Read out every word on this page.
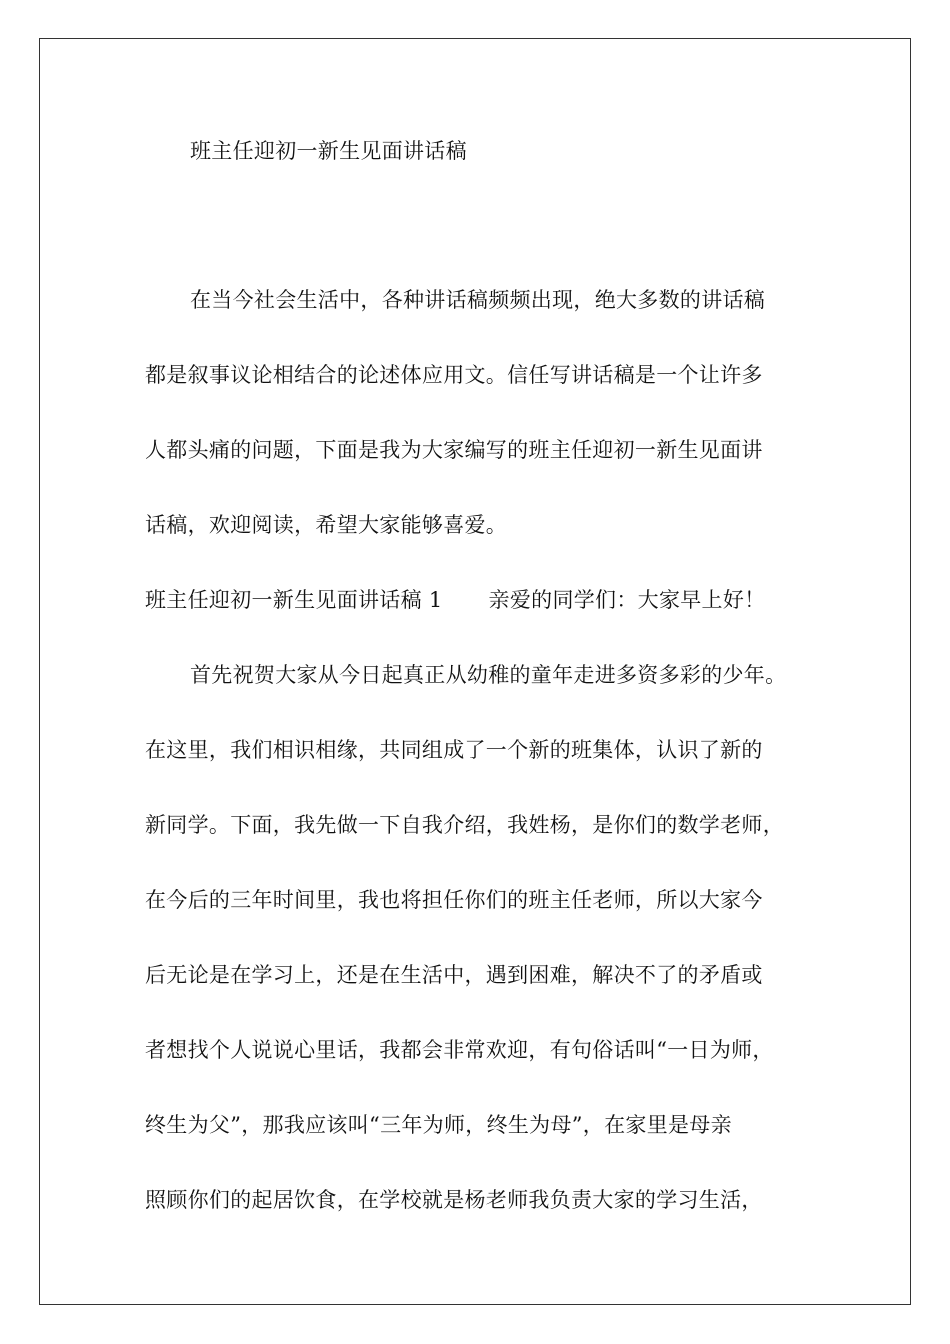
班主任迎初一新生见面讲话稿
在当今社会生活中，各种讲话稿频频出现，绝大多数的讲话稿
都是叙事议论相结合的论述体应用文。信任写讲话稿是一个让许多
人都头痛的问题，下面是我为大家编写的班主任迎初一新生见面讲
话稿，欢迎阅读，希望大家能够喜爱。
班主任迎初一新生见面讲话稿 1 亲爱的同学们：大家早上好！
首先祝贺大家从今日起真正从幼稚的童年走进多资多彩的少年。
在这里，我们相识相缘，共同组成了一个新的班集体，认识了新的
新同学。下面，我先做一下自我介绍，我姓杨，是你们的数学老师，
在今后的三年时间里，我也将担任你们的班主任老师，所以大家今
后无论是在学习上，还是在生活中，遇到困难，解决不了的矛盾或
者想找个人说说心里话，我都会非常欢迎，有句俗话叫“一日为师，
终生为父”，那我应该叫“三年为师，终生为母”，在家里是母亲
照顾你们的起居饮食，在学校就是杨老师我负责大家的学习生活，
